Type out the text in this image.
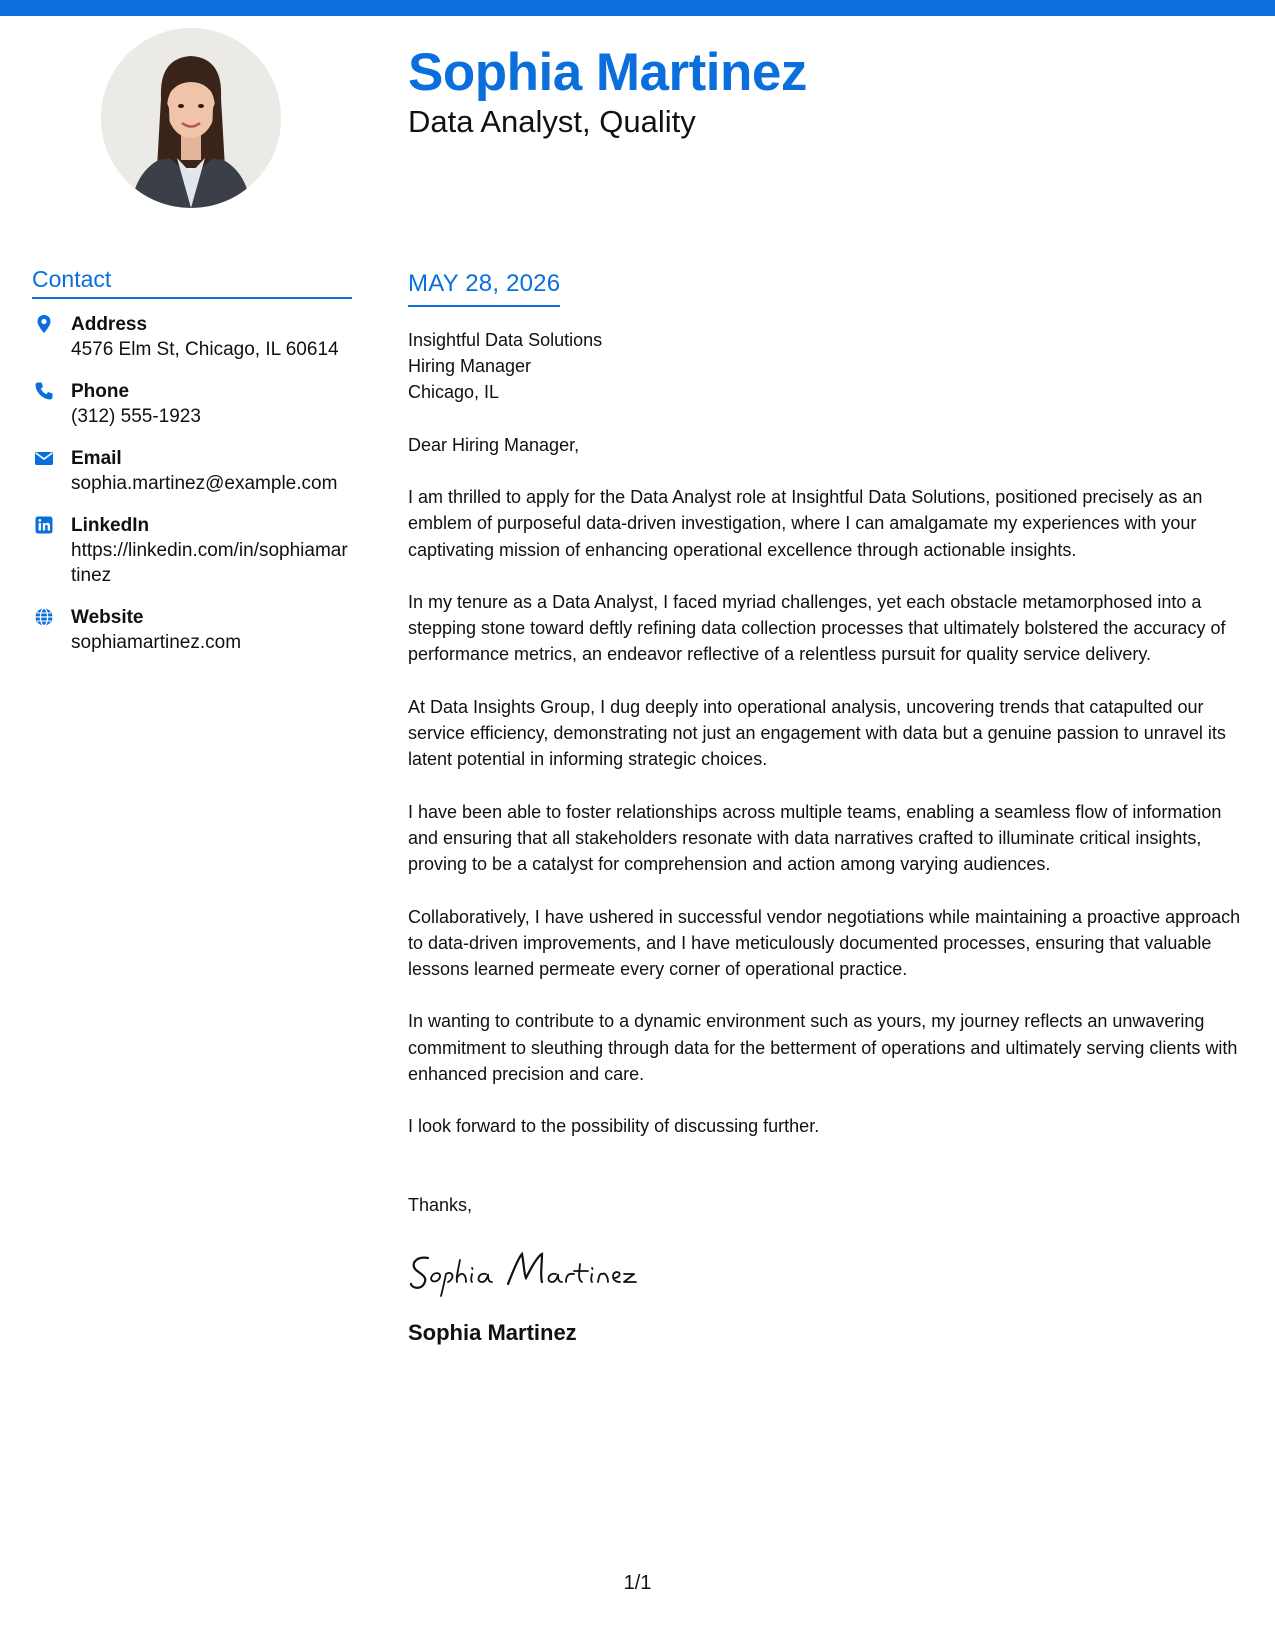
Sophia Martinez
Data Analyst, Quality
Contact
Address
4576 Elm St, Chicago, IL 60614
Phone
(312) 555-1923
Email
sophia.martinez@example.com
LinkedIn
https://linkedin.com/in/sophiamartinez
Website
sophiamartinez.com
MAY 28, 2026
Insightful Data Solutions
Hiring Manager
Chicago, IL

Dear Hiring Manager,

I am thrilled to apply for the Data Analyst role at Insightful Data Solutions, positioned precisely as an emblem of purposeful data-driven investigation, where I can amalgamate my experiences with your captivating mission of enhancing operational excellence through actionable insights.

In my tenure as a Data Analyst, I faced myriad challenges, yet each obstacle metamorphosed into a stepping stone toward deftly refining data collection processes that ultimately bolstered the accuracy of performance metrics, an endeavor reflective of a relentless pursuit for quality service delivery.

At Data Insights Group, I dug deeply into operational analysis, uncovering trends that catapulted our service efficiency, demonstrating not just an engagement with data but a genuine passion to unravel its latent potential in informing strategic choices.

I have been able to foster relationships across multiple teams, enabling a seamless flow of information and ensuring that all stakeholders resonate with data narratives crafted to illuminate critical insights, proving to be a catalyst for comprehension and action among varying audiences.

Collaboratively, I have ushered in successful vendor negotiations while maintaining a proactive approach to data-driven improvements, and I have meticulously documented processes, ensuring that valuable lessons learned permeate every corner of operational practice.

In wanting to contribute to a dynamic environment such as yours, my journey reflects an unwavering commitment to sleuthing through data for the betterment of operations and ultimately serving clients with enhanced precision and care.

I look forward to the possibility of discussing further.

Thanks,

Sophia Martinez
1/1
